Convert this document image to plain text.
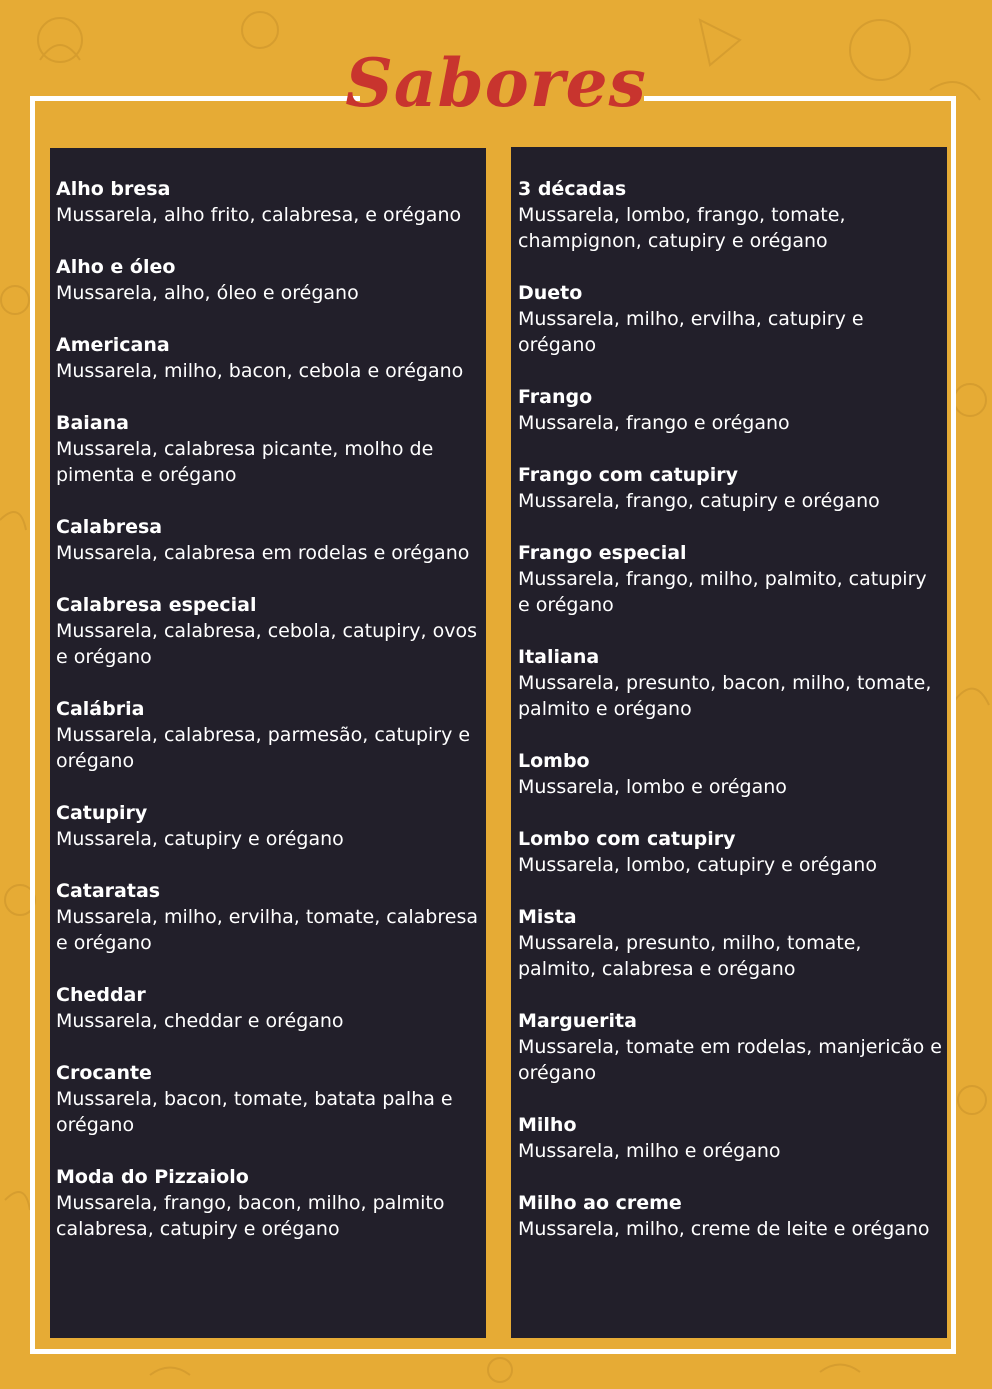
Sabores
Alho bresa
Mussarela, alho frito, calabresa, e orégano
Alho e óleo
Mussarela, alho, óleo e orégano
Americana
Mussarela, milho, bacon, cebola e orégano
Baiana
Mussarela, calabresa picante, molho de pimenta e orégano
Calabresa
Mussarela, calabresa em rodelas e orégano
Calabresa especial
Mussarela, calabresa, cebola, catupiry, ovos e orégano
Calábria
Mussarela, calabresa, parmesão, catupiry e orégano
Catupiry
Mussarela, catupiry e orégano
Cataratas
Mussarela, milho, ervilha, tomate, calabresa e orégano
Cheddar
Mussarela, cheddar e orégano
Crocante
Mussarela, bacon, tomate, batata palha e orégano
Moda do Pizzaiolo
Mussarela, frango, bacon, milho, palmito calabresa, catupiry e orégano
3 décadas
Mussarela, lombo, frango, tomate, champignon, catupiry e orégano
Dueto
Mussarela, milho, ervilha, catupiry e orégano
Frango
Mussarela, frango e orégano
Frango com catupiry
Mussarela, frango, catupiry e orégano
Frango especial
Mussarela, frango, milho, palmito, catupiry e orégano
Italiana
Mussarela, presunto, bacon, milho, tomate, palmito e orégano
Lombo
Mussarela, lombo e orégano
Lombo com catupiry
Mussarela, lombo, catupiry e orégano
Mista
Mussarela, presunto, milho, tomate, palmito, calabresa e orégano
Marguerita
Mussarela, tomate em rodelas, manjericão e orégano
Milho
Mussarela, milho e orégano
Milho ao creme
Mussarela, milho, creme de leite e orégano
